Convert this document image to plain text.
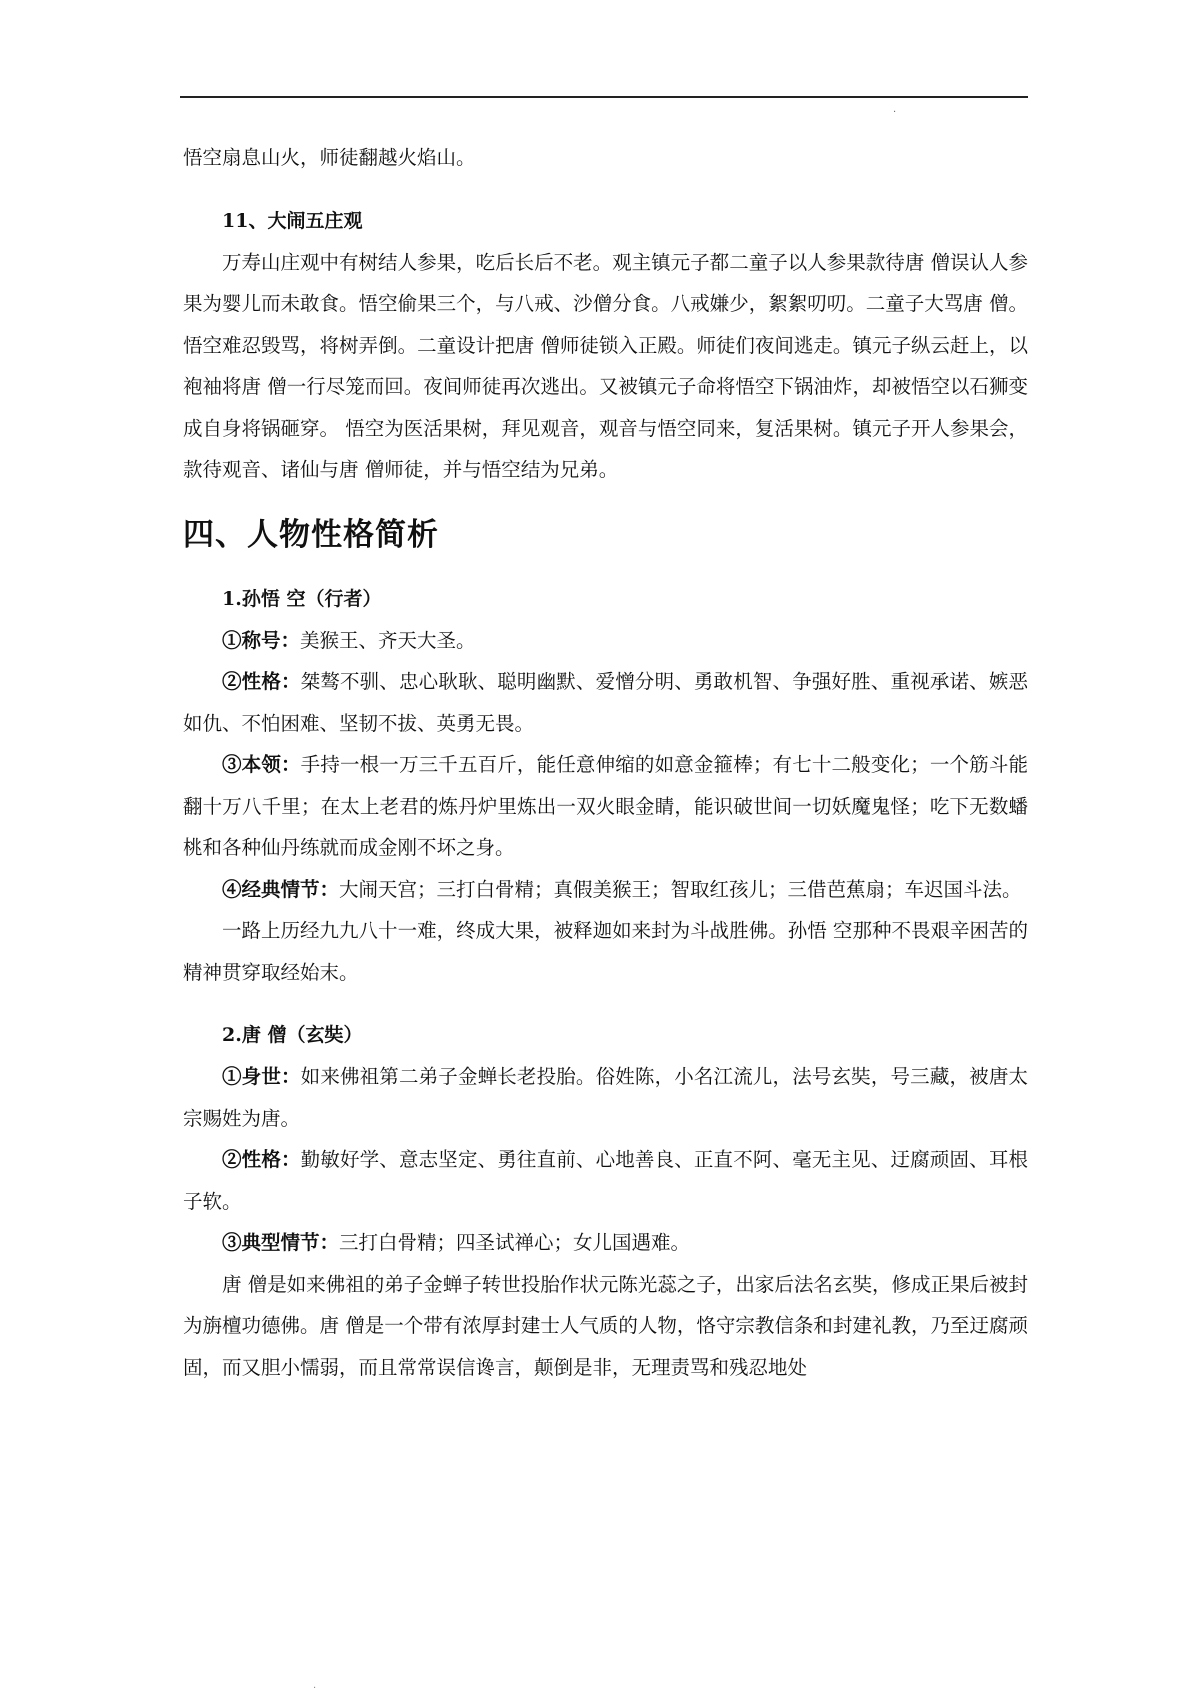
.

悟空扇息山火，师徒翻越火焰山。

11、大闹五庄观

万寿山庄观中有树结人参果，吃后长后不老。观主镇元子都二童子以人参果款待唐 僧误认人参果为婴儿而未敢食。悟空偷果三个，与八戒、沙僧分食。八戒嫌少，絮絮叨叨。二童子大骂唐 僧。 悟空难忍毁骂，将树弄倒。二童设计把唐 僧师徒锁入正殿。师徒们夜间逃走。镇元子纵云赶上，以袍袖将唐 僧一行尽笼而回。夜间师徒再次逃出。又被镇元子命将悟空下锅油炸，却被悟空以石狮变成自身将锅砸穿。 悟空为医活果树，拜见观音，观音与悟空同来，复活果树。镇元子开人参果会，款待观音、诸仙与唐 僧师徒，并与悟空结为兄弟。

四、人物性格简析

1.孙悟 空（行者）

①称号：美猴王、齐天大圣。

②性格：桀骜不驯、忠心耿耿、聪明幽默、爱憎分明、勇敢机智、争强好胜、重视承诺、嫉恶如仇、不怕困难、坚韧不拔、英勇无畏。

③本领：手持一根一万三千五百斤，能任意伸缩的如意金箍棒；有七十二般变化；一个筋斗能翻十万八千里；在太上老君的炼丹炉里炼出一双火眼金睛，能识破世间一切妖魔鬼怪；吃下无数蟠桃和各种仙丹练就而成金刚不坏之身。

④经典情节：大闹天宫；三打白骨精；真假美猴王；智取红孩儿；三借芭蕉扇；车迟国斗法。

一路上历经九九八十一难，终成大果，被释迦如来封为斗战胜佛。孙悟 空那种不畏艰辛困苦的精神贯穿取经始末。

2.唐 僧（玄奘）

①身世：如来佛祖第二弟子金蝉长老投胎。俗姓陈，小名江流儿，法号玄奘，号三藏，被唐太宗赐姓为唐。

②性格：勤敏好学、意志坚定、勇往直前、心地善良、正直不阿、毫无主见、迂腐顽固、耳根子软。

③典型情节：三打白骨精；四圣试禅心；女儿国遇难。

唐 僧是如来佛祖的弟子金蝉子转世投胎作状元陈光蕊之子，出家后法名玄奘，修成正果后被封为旃檀功德佛。唐 僧是一个带有浓厚封建士人气质的人物，恪守宗教信条和封建礼教，乃至迂腐顽固，而又胆小懦弱，而且常常误信谗言，颠倒是非，无理责骂和残忍地处

.
